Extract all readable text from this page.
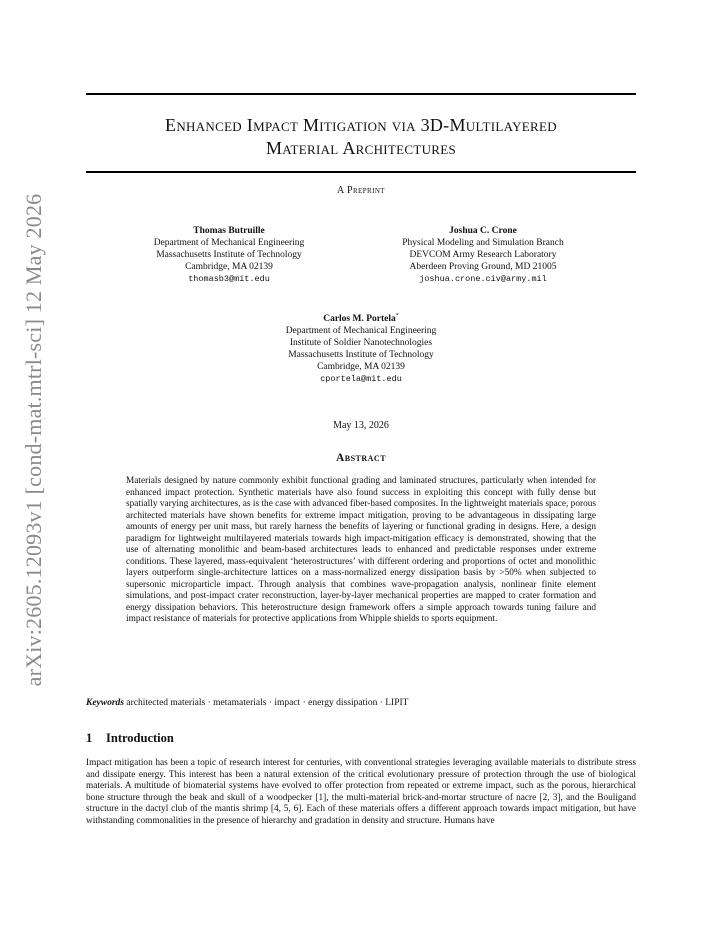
arXiv:2605.12093v1 [cond-mat.mtrl-sci] 12 May 2026
Enhanced Impact Mitigation via 3D-Multilayered
Material Architectures
A Preprint
Thomas Butruille
Department of Mechanical Engineering
Massachusetts Institute of Technology
Cambridge, MA 02139
thomasb3@mit.edu
Joshua C. Crone
Physical Modeling and Simulation Branch
DEVCOM Army Research Laboratory
Aberdeen Proving Ground, MD 21005
joshua.crone.civ@army.mil
Carlos M. Portela*
Department of Mechanical Engineering
Institute of Soldier Nanotechnologies
Massachusetts Institute of Technology
Cambridge, MA 02139
cportela@mit.edu
May 13, 2026
Abstract
Materials designed by nature commonly exhibit functional grading and laminated structures, particularly when intended for enhanced impact protection. Synthetic materials have also found success in exploiting this concept with fully dense but spatially varying architectures, as is the case with advanced fiber-based composites. In the lightweight materials space, porous architected materials have shown benefits for extreme impact mitigation, proving to be advantageous in dissipating large amounts of energy per unit mass, but rarely harness the benefits of layering or functional grading in designs. Here, a design paradigm for lightweight multilayered materials towards high impact-mitigation efficacy is demonstrated, showing that the use of alternating monolithic and beam-based architectures leads to enhanced and predictable responses under extreme conditions. These layered, mass-equivalent ‘heterostructures’ with different ordering and proportions of octet and monolithic layers outperform single-architecture lattices on a mass-normalized energy dissipation basis by >50% when subjected to supersonic microparticle impact. Through analysis that combines wave-propagation analysis, nonlinear finite element simulations, and post-impact crater reconstruction, layer-by-layer mechanical properties are mapped to crater formation and energy dissipation behaviors. This heterostructure design framework offers a simple approach towards tuning failure and impact resistance of materials for protective applications from Whipple shields to sports equipment.
Keywords architected materials · metamaterials · impact · energy dissipation · LIPIT
1 Introduction
Impact mitigation has been a topic of research interest for centuries, with conventional strategies leveraging available materials to distribute stress and dissipate energy. This interest has been a natural extension of the critical evolutionary pressure of protection through the use of biological materials. A multitude of biomaterial systems have evolved to offer protection from repeated or extreme impact, such as the porous, hierarchical bone structure through the beak and skull of a woodpecker [1], the multi-material brick-and-mortar structure of nacre [2, 3], and the Bouligand structure in the dactyl club of the mantis shrimp [4, 5, 6]. Each of these materials offers a different approach towards impact mitigation, but have withstanding commonalities in the presence of hierarchy and gradation in density and structure. Humans have
